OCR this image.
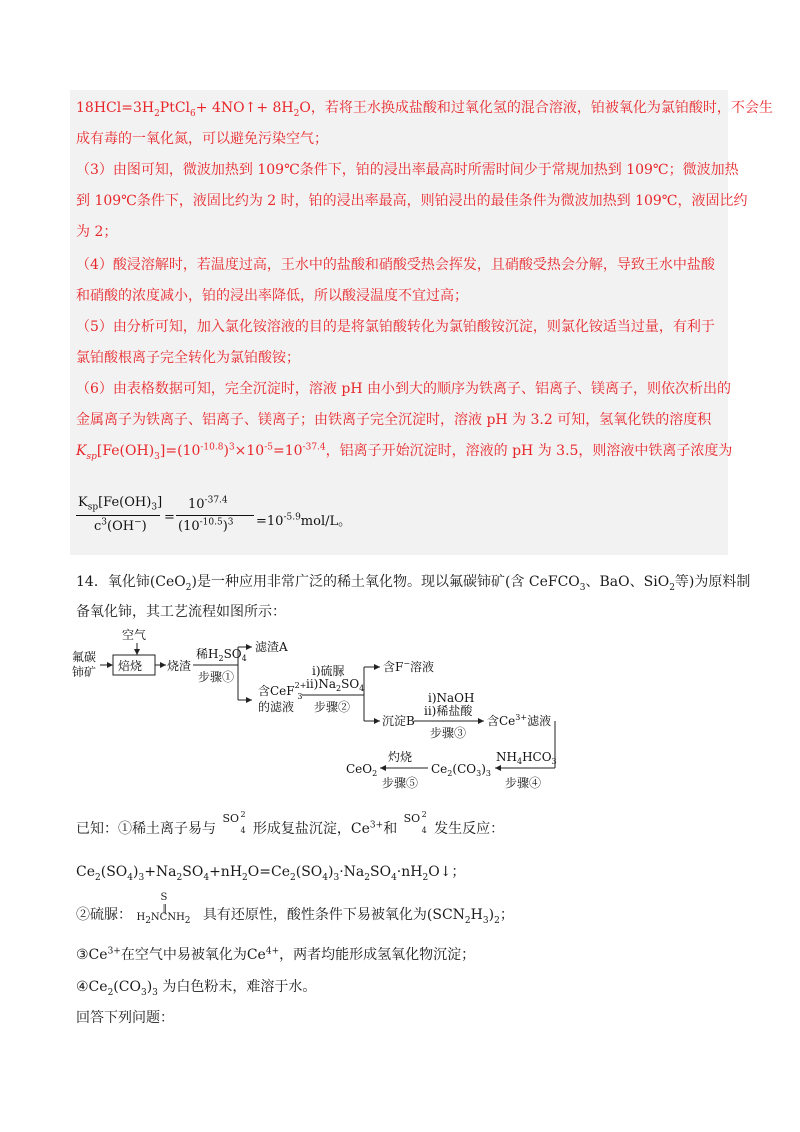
$18HCl=3H_2PtCl_6+$ 4NO↑+ $8H_2O$，若将王水换成盐酸和过氧化氢的混合溶液，铂被氧化为氯铂酸时，不会生
成有毒的一氧化氮，可以避免污染空气；
（3）由图可知，微波加热到 109℃条件下，铂的浸出率最高时所需时间少于常规加热到 109℃；微波加热
到 109℃条件下，液固比约为 2 时，铂的浸出率最高，则铂浸出的最佳条件为微波加热到 109℃，液固比约
为 2；
（4）酸浸溶解时，若温度过高，王水中的盐酸和硝酸受热会挥发，且硝酸受热会分解，导致王水中盐酸
和硝酸的浓度减小，铂的浸出率降低，所以酸浸温度不宜过高；
（5）由分析可知，加入氯化铵溶液的目的是将氯铂酸转化为氯铂酸铵沉淀，则氯化铵适当过量，有利于
氯铂酸根离子完全转化为氯铂酸铵；
（6）由表格数据可知，完全沉淀时，溶液 pH 由小到大的顺序为铁离子、铝离子、镁离子，则依次析出的
金属离子为铁离子、铝离子、镁离子；由铁离子完全沉淀时，溶液 pH 为 3.2 可知，氢氧化铁的溶度积
$K_{sp}[Fe(OH)_3]=(10^{-10.8})^3\times 10^{-5}=10^{-37.4}$，铝离子开始沉淀时，溶液的 pH 为 3.5，则溶液中铁离子浓度为
$K_{sp}[Fe(OH)_3]$
$c^3(OH^-)$
=
$10^{-37.4}$
$(10^{-10.5})^3 =10^{-5.9}mol/L$。
14．氧化铈(CeO$_2$)是一种应用非常广泛的稀土氧化物。现以氟碳铈矿(含 CeFCO$_3$、BaO、SiO$_2$等)为原料制
备氧化铈，其工艺流程如图所示：
氟碳铈矿
空气
焙烧 烧渣
稀$H_2SO_4$
步骤①
滤渣A
含CeF$^{2+}$ 3
的滤液
i)硫脲
$ii)Na_2SO_4$
步骤②
含F−溶液
沉淀B
i)NaOH
ii)稀盐酸
步骤③
含$Ce^{3+}$滤液
$NH_4HCO_3$
步骤④
$Ce_2(CO_3)_3$
灼烧
步骤⑤
CeO$_2$
已知：①稀土离子易与
SO 2
4 形成复盐沉淀，$Ce^{3+}$和
SO 2
4 发生反应：
$Ce_2(SO_4)_3+Na_2SO_4+nH_2O=Ce_2(SO_4)_3\cdot Na_2SO_4\cdot nH_2O↓$；
②硫脲：
S
‖
$H_2NCNH_2$ 具有还原性，酸性条件下易被氧化为$(SCN_2H_3)_2$；
$③Ce^{3+}$在空气中易被氧化为$Ce^{4+}$，两者均能形成氢氧化物沉淀；
$④Ce_2(CO_3)_3$ 为白色粉末，难溶于水。
回答下列问题：
